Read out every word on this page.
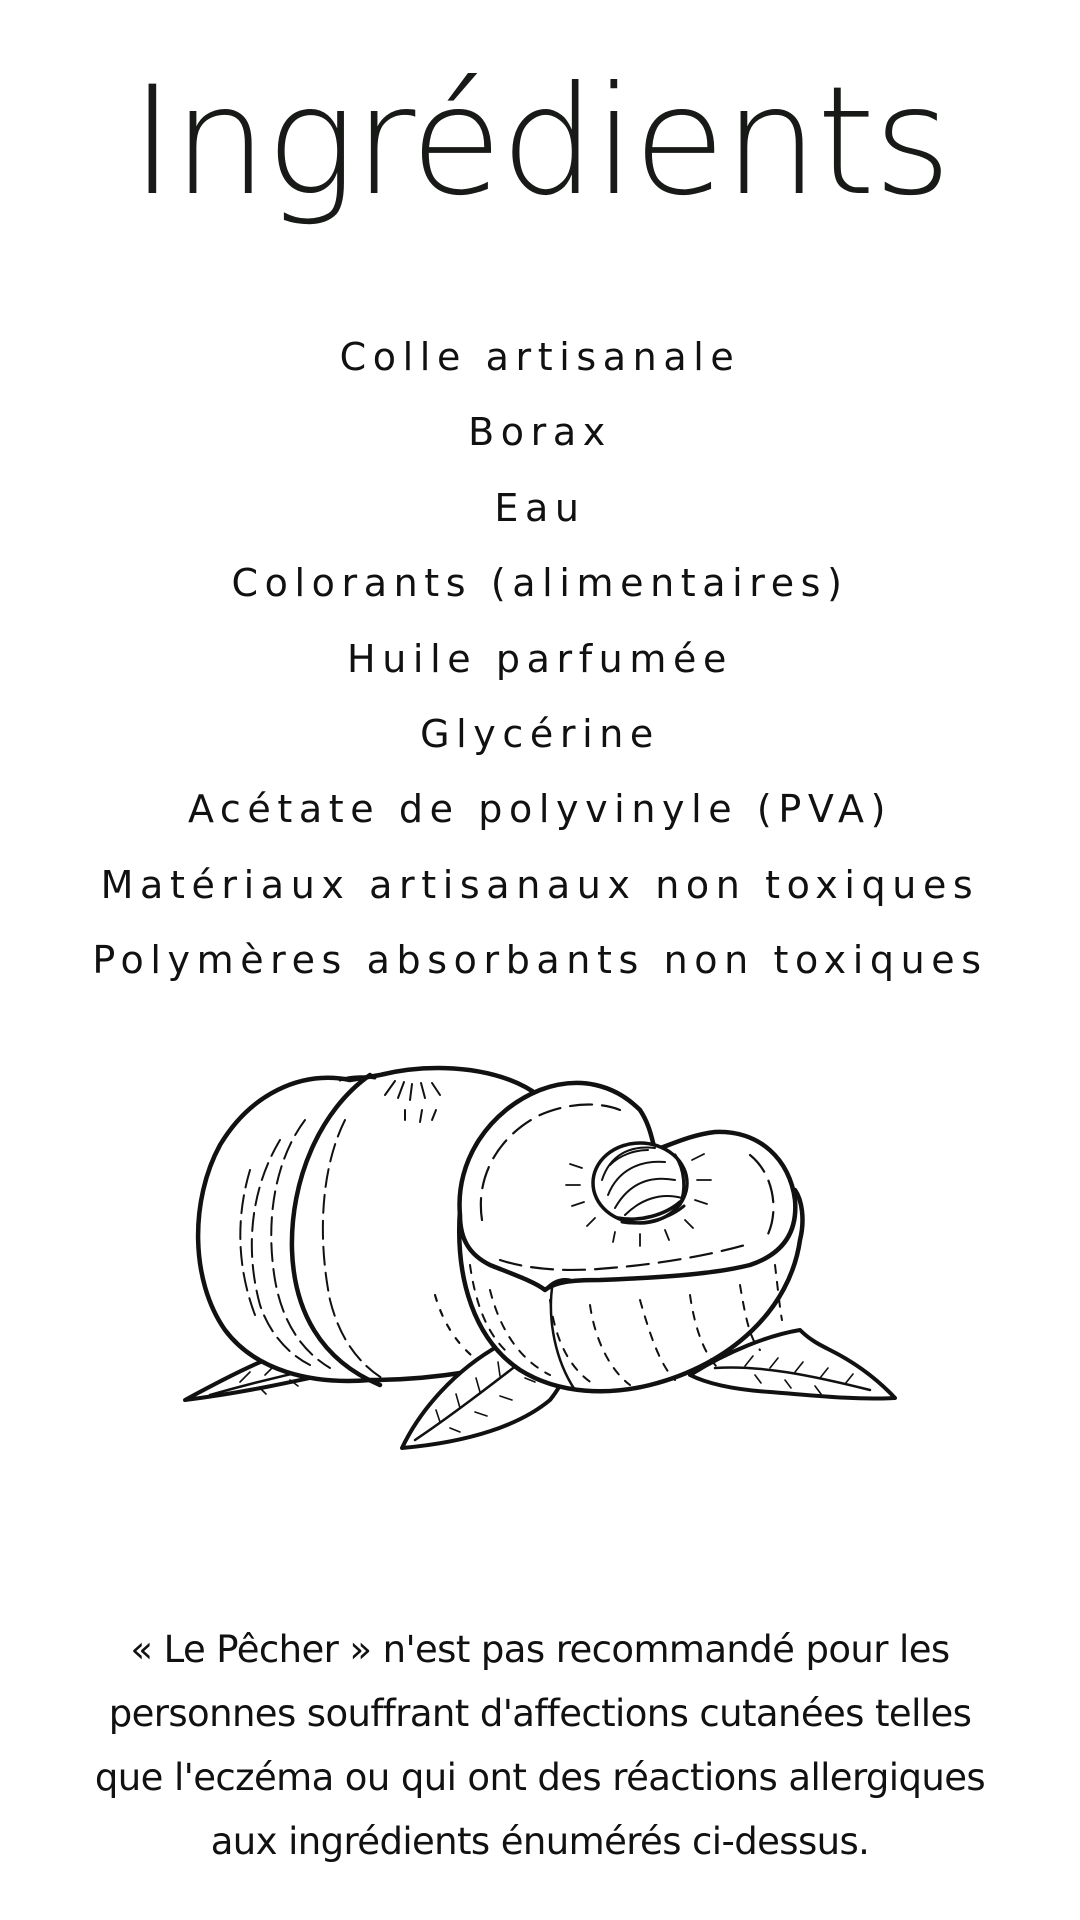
Ingrédients
Colle artisanale
Borax
Eau
Colorants (alimentaires)
Huile parfumée
Glycérine
Acétate de polyvinyle (PVA)
Matériaux artisanaux non toxiques
Polymères absorbants non toxiques

« Le Pêcher » n'est pas recommandé pour les
personnes souffrant d'affections cutanées telles
que l'eczéma ou qui ont des réactions allergiques
aux ingrédients énumérés ci-dessus.
